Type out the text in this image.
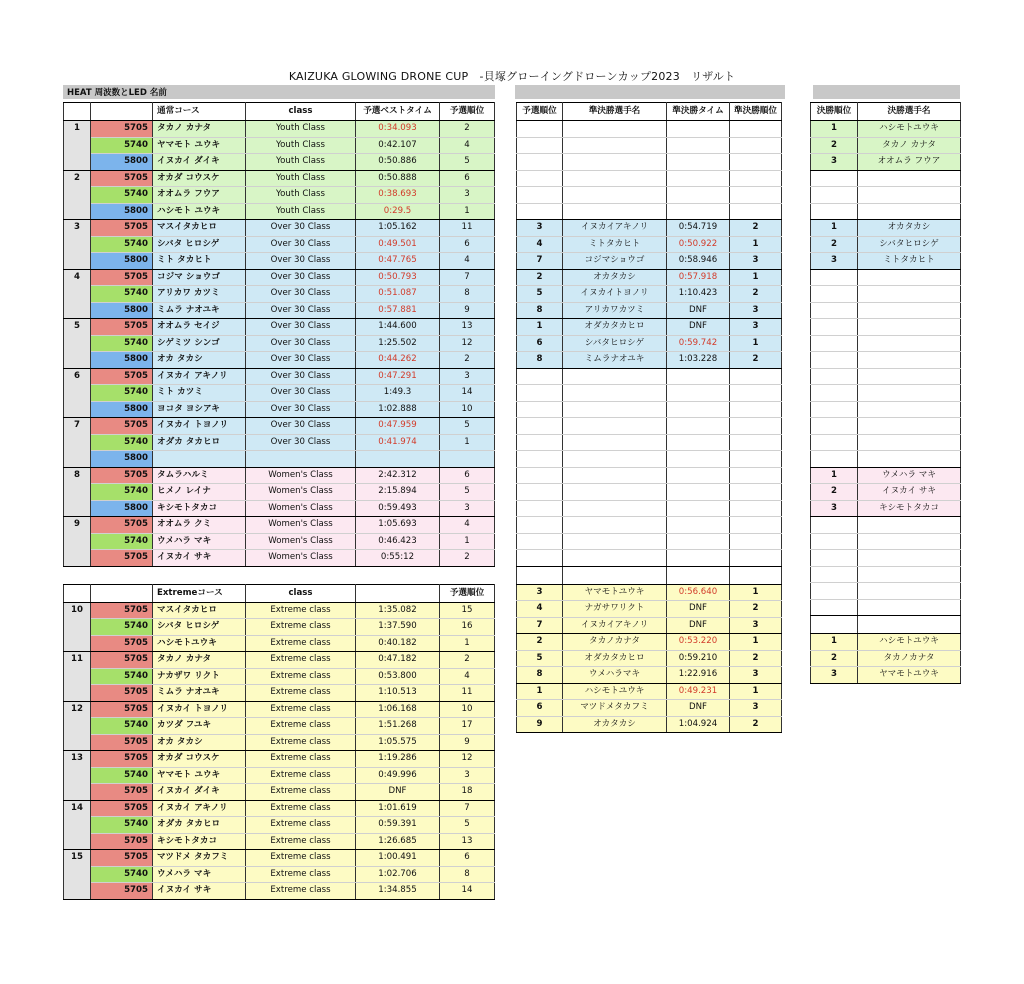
KAIZUKA GLOWING DRONE CUP　-貝塚グローイングドローンカップ2023　リザルト
HEAT 周波数とLED 名前
		通常コース	class	予選ベストタイム	予選順位
1	5705	タカノ カナタ	Youth Class	0:34.093	2
	5740	ヤマモト ユウキ	Youth Class	0:42.107	4
	5800	イヌカイ ダイキ	Youth Class	0:50.886	5
2	5705	オカダ コウスケ	Youth Class	0:50.888	6
	5740	オオムラ フウア	Youth Class	0:38.693	3
	5800	ハシモト ユウキ	Youth Class	0:29.5	1
3	5705	マスイタカヒロ	Over 30 Class	1:05.162	11
	5740	シバタ ヒロシゲ	Over 30 Class	0:49.501	6
	5800	ミト タカヒト	Over 30 Class	0:47.765	4
4	5705	コジマ ショウゴ	Over 30 Class	0:50.793	7
	5740	アリカワ カツミ	Over 30 Class	0:51.087	8
	5800	ミムラ ナオユキ	Over 30 Class	0:57.881	9
5	5705	オオムラ セイジ	Over 30 Class	1:44.600	13
	5740	シゲミツ シンゴ	Over 30 Class	1:25.502	12
	5800	オカ タカシ	Over 30 Class	0:44.262	2
6	5705	イヌカイ アキノリ	Over 30 Class	0:47.291	3
	5740	ミト カツミ	Over 30 Class	1:49.3	14
	5800	ヨコタ ヨシアキ	Over 30 Class	1:02.888	10
7	5705	イヌカイ トヨノリ	Over 30 Class	0:47.959	5
	5740	オダカ タカヒロ	Over 30 Class	0:41.974	1
	5800				
8	5705	タムラハルミ	Women's Class	2:42.312	6
	5740	ヒメノ レイナ	Women's Class	2:15.894	5
	5800	キシモトタカコ	Women's Class	0:59.493	3
9	5705	オオムラ クミ	Women's Class	1:05.693	4
	5740	ウメハラ マキ	Women's Class	0:46.423	1
	5705	イヌカイ サキ	Women's Class	0:55:12	2

		Extremeコース	class		予選順位
10	5705	マスイタカヒロ	Extreme class	1:35.082	15
	5740	シバタ ヒロシゲ	Extreme class	1:37.590	16
	5705	ハシモトユウキ	Extreme class	0:40.182	1
11	5705	タカノ カナタ	Extreme class	0:47.182	2
	5740	ナカザワ リクト	Extreme class	0:53.800	4
	5705	ミムラ ナオユキ	Extreme class	1:10.513	11
12	5705	イヌカイ トヨノリ	Extreme class	1:06.168	10
	5740	カツダ フユキ	Extreme class	1:51.268	17
	5705	オカ タカシ	Extreme class	1:05.575	9
13	5705	オカダ コウスケ	Extreme class	1:19.286	12
	5740	ヤマモト ユウキ	Extreme class	0:49.996	3
	5705	イヌカイ ダイキ	Extreme class	DNF	18
14	5705	イヌカイ アキノリ	Extreme class	1:01.619	7
	5740	オダカ タカヒロ	Extreme class	0:59.391	5
	5705	キシモトタカコ	Extreme class	1:26.685	13
15	5705	マツドメ タカフミ	Extreme class	1:00.491	6
	5740	ウメハラ マキ	Extreme class	1:02.706	8
	5705	イヌカイ サキ	Extreme class	1:34.855	14
予選順位	準決勝選手名	準決勝タイム	準決勝順位

3	イヌカイアキノリ	0:54.719	2
4	ミトタカヒト	0:50.922	1
7	コジマショウゴ	0:58.946	3
2	オカタカシ	0:57.918	1
5	イヌカイトヨノリ	1:10.423	2
8	アリカワカツミ	DNF	3
1	オダカタカヒロ	DNF	3
6	シバタヒロシゲ	0:59.742	1
8	ミムラナオユキ	1:03.228	2

3	ヤマモトユウキ	0:56.640	1
4	ナガサワリクト	DNF	2
7	イヌカイアキノリ	DNF	3
2	タカノカナタ	0:53.220	1
5	オダカタカヒロ	0:59.210	2
8	ウメハラマキ	1:22.916	3
1	ハシモトユウキ	0:49.231	1
6	マツドメタカフミ	DNF	3
9	オカタカシ	1:04.924	2
決勝順位	決勝選手名
1	ハシモトユウキ
2	タカノ カナタ
3	オオムラ フウア

1	オカタカシ
2	シバタヒロシゲ
3	ミトタカヒト

1	ウメハラ マキ
2	イヌカイ サキ
3	キシモトタカコ

1	ハシモトユウキ
2	タカノカナタ
3	ヤマモトユウキ
